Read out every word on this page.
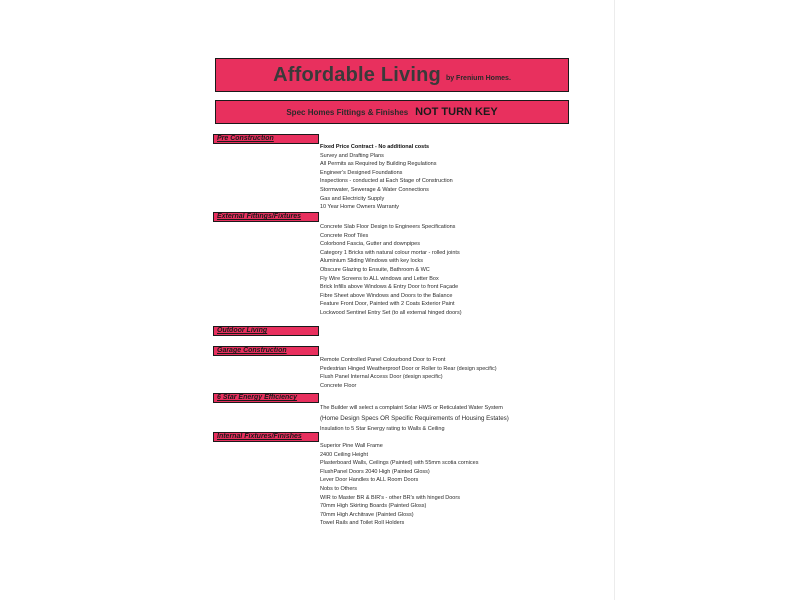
Affordable Living by Frenium Homes.
Spec Homes Fittings & Finishes NOT TURN KEY
Pre Construction
Fixed Price Contract - No additional costs
Survey and Drafting Plans
All Permits as Required by Building Regulations
Engineer's Designed Foundations
Inspections - conducted at Each Stage of Construction
Stormwater, Sewerage & Water Connections
Gas and Electricity Supply
10 Year Home Owners Warranty
External Fittings/Fixtures
Concrete Slab Floor Design to Engineers Specifications
Concrete Roof Tiles
Colorbond Fascia, Gutter and downpipes
Category 1 Bricks with natural colour mortar - rolled joints
Aluminium Sliding Windows with key locks
Obscure Glazing to Ensuite, Bathroom & WC
Fly Wire Screens to ALL windows and Letter Box
Brick Infills above Windows & Entry Door to front Façade
Fibre Sheet above Windows and Doors to the Balance
Feature Front Door, Painted with 2 Coats Exterior Paint
Lockwood Sentinel Entry Set (to all external hinged doors)
Outdoor Living
Garage Construction
Remote Controlled Panel Colourbond Door to Front
Pedestrian Hinged Weatherproof Door or Roller to Rear (design specific)
Flush Panel Internal Access Door (design specific)
Concrete Floor
6 Star Energy Efficiency
The Builder will select a complaint Solar HWS or Reticulated Water System
(Home Design Specs OR Specific Requirements of Housing Estates)
Insulation to 5 Star Energy rating to Walls & Ceiling
Internal Fixtures/Finishes
Superior Pine Wall Frame
2400 Ceiling Height
Plasterboard Walls, Ceilings (Painted) with 55mm scotia cornices
FlushPanel Doors 2040 High (Painted Gloss)
Lever Door Handles to ALL Room Doors
Nobs to Others
WIR to Master BR & BIR's - other BR's with hinged Doors
70mm High Skirting Boards (Painted Gloss)
70mm High Architrave (Painted Gloss)
Towel Rails and Toilet Roll Holders
